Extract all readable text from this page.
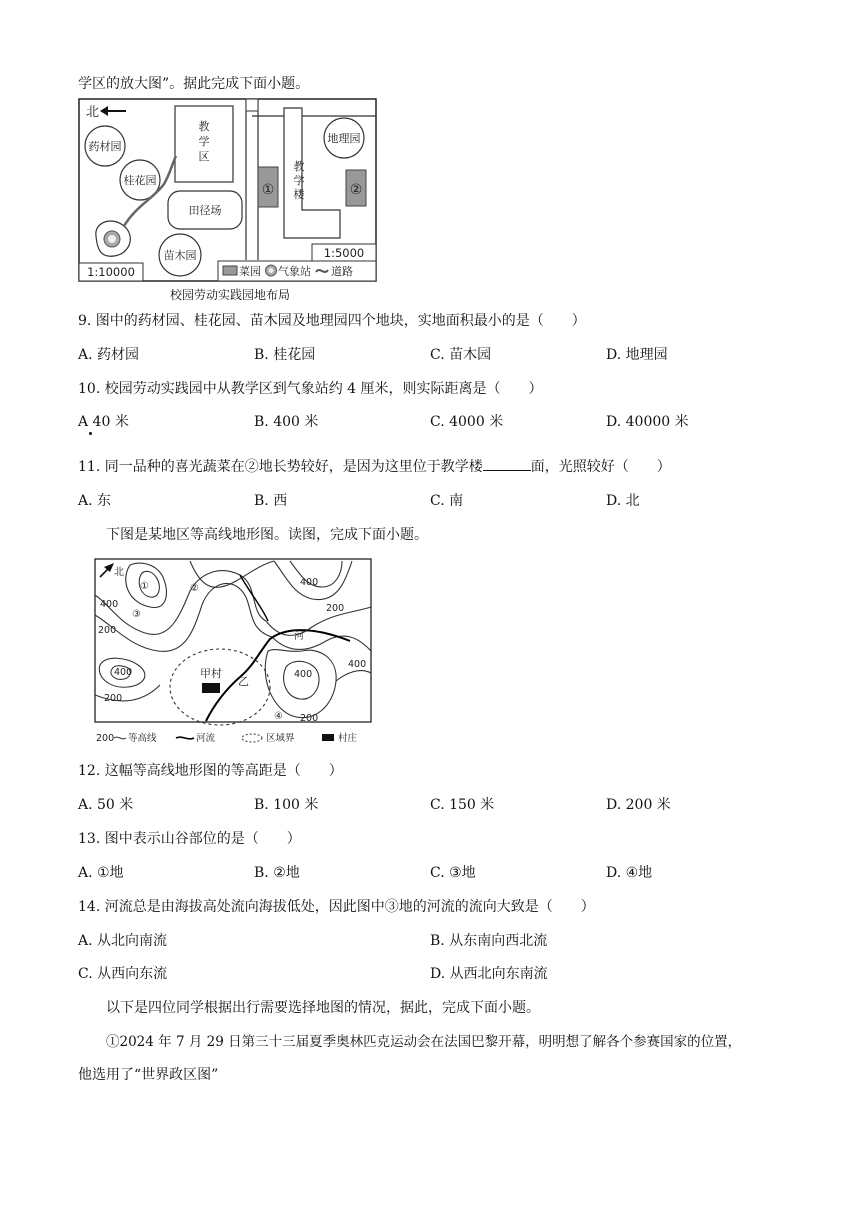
学区的放大图”。据此完成下面小题。
北
药材园
桂花园
教
学
区
田径场
苗木园
①
教
学
楼
地理园
②
1:5000
1:10000	菜园 气象站 道路
校园劳动实践园地布局
9. 图中的药材园、桂花园、苗木园及地理园四个地块，实地面积最小的是（　　）
A. 药材园	B. 桂花园	C. 苗木园	D. 地理园
10. 校园劳动实践园中从教学区到气象站约 4 厘米，则实际距离是（　　）
A 40 米	B. 400 米	C. 4000 米	D. 40000 米
11. 同一品种的喜光蔬菜在②地长势较好，是因为这里位于教学楼	面，光照较好（　　）
A. 东	B. 西	C. 南	D. 北
下图是某地区等高线地形图。读图，完成下面小题。
北
甲村
乙
河
①	②
③
④
400
400
400
400
400
200
200
200
200
200 等高线	河流	区域界	村庄
12. 这幅等高线地形图的等高距是（　　）
A. 50 米	B. 100 米	C. 150 米	D. 200 米
13. 图中表示山谷部位的是（　　）
A. ①地	B. ②地	C. ③地	D. ④地
14. 河流总是由海拔高处流向海拔低处，因此图中③地的河流的流向大致是（　　）
A. 从北向南流	B. 从东南向西北流
C. 从西向东流	D. 从西北向东南流
以下是四位同学根据出行需要选择地图的情况，据此，完成下面小题。
①2024 年 7 月 29 日第三十三届夏季奥林匹克运动会在法国巴黎开幕，明明想了解各个参赛国家的位置，
他选用了“世界政区图”
